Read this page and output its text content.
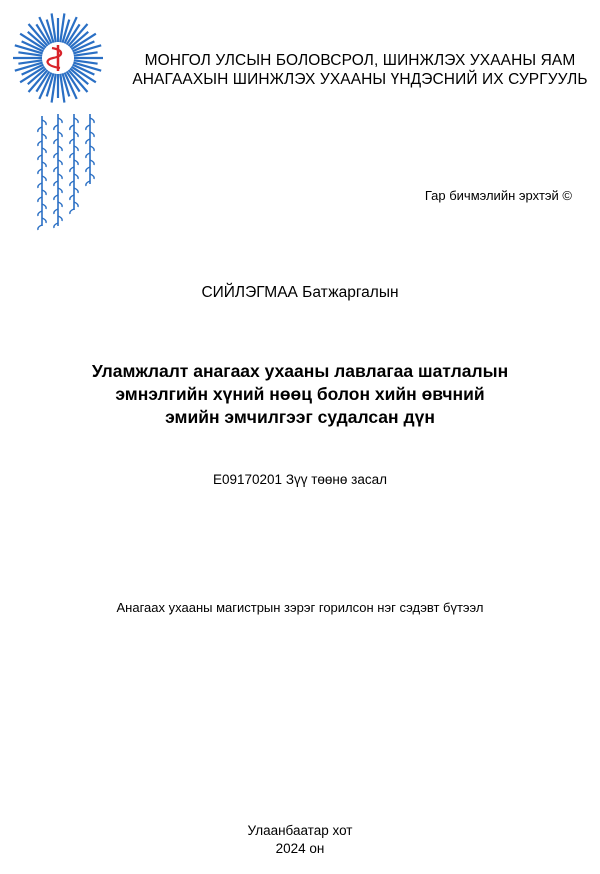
МОНГОЛ УЛСЫН БОЛОВСРОЛ, ШИНЖЛЭХ УХААНЫ ЯАМ
АНАГААХЫН ШИНЖЛЭХ УХААНЫ ҮНДЭСНИЙ ИХ СУРГУУЛЬ
Гар бичмэлийн эрхтэй ©
СИЙЛЭГМАА Батжаргалын
Уламжлалт анагаах ухааны лавлагаа шатлалын
эмнэлгийн хүний нөөц болон хийн өвчний
эмийн эмчилгээг судалсан дүн
E09170201 Зүү төөнө засал
Анагаах ухааны магистрын зэрэг горилсон нэг сэдэвт бүтээл
Улаанбаатар хот
2024 он
